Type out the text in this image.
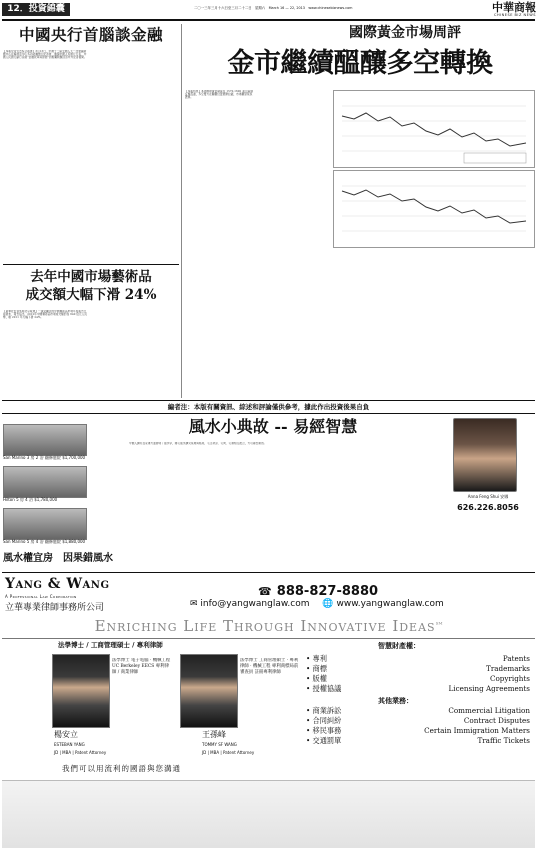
12．投資錦囊	二〇一三年三月十六日至三月二十二日　星期六　March 16 — 22, 2013　www.chinesebiznews.com	中華商報
CHINESE BIZ NEWS
中國央行首腦談金融
【本報記者安吉綜合報道】3月13日，中國十二屆全國人大一次會議新聞中心在梅地亞中心多功能廳舉行記者會，邀請中國人民銀行行長、中國人民銀行副行長就“金融改革與發展”的相關問題回答中外記者提問。
去年中國市場藝術品
成交額大幅下滑 24%
【新華社記者吳婷北京報道】一項受關注的中國藝術品市場年度報告日前發布，報告指出，2012年中國藝術品市場成交額約為 640 億元人民幣，較 2011 年大幅下滑 24%。
國際黃金市場周評
金市繼續醞釀多空轉換
【本報特訊】本周國際黃金期貨在 1570-1600 美元區間反覆震盪，多空雙方在關鍵位置展開拉鋸，市場觀望氣氛濃厚。
編者注：本版有關資訊、綜述和評論僅供參考，據此作出投資後果自負
風水小典故 -- 易經智慧
San Marino 3 房 2 浴 翻修庭院 $1,700,000
Hilton 5 房 4 浴 $1,780,000
San Marino 5 房 4 浴 翻修庭院 $1,880,000
風水權宜房　因果錯風水
中國人講究在家運方面發明了風水學，陽宅風水講究氣場與格局，宅主命卦、宅向、宅運相互配合，方可趨吉避凶。
Anna Feng Shui 安娜
626.226.8056
Yang & Wang
A Professional Law Corporation
立華專業律師事務所公司
☎ 888-827-8880
✉ info@yangwanglaw.com 🌐 www.yangwanglaw.com
Enriching Life Through Innovative Ideas℠
法學博士 / 工商管理碩士 / 專利律師	智慧財產權：
法學博士 電子電腦 · 機械工程 UC Berkeley EECS 專利律師 / 商業律師
楊安立
ESTEBAN YANG
JD | MBA | Patent Attorney
法學博士 工商管理碩士 · 專利律師 · 機械工程 專利商標局前審查員 註冊專利律師
王孫峰
TOMMY SF WANG
JD | MBA | Patent Attorney
• 專利
• 商標
• 版權
• 授權協議
Patents
Trademarks
Copyrights
Licensing Agreements
其他業務：
• 商業訴訟
• 合同糾紛
• 移民事務
• 交通罰單
Commercial Litigation
Contract Disputes
Certain Immigration Matters
Traffic Tickets
我們可以用流利的國語與您溝通
